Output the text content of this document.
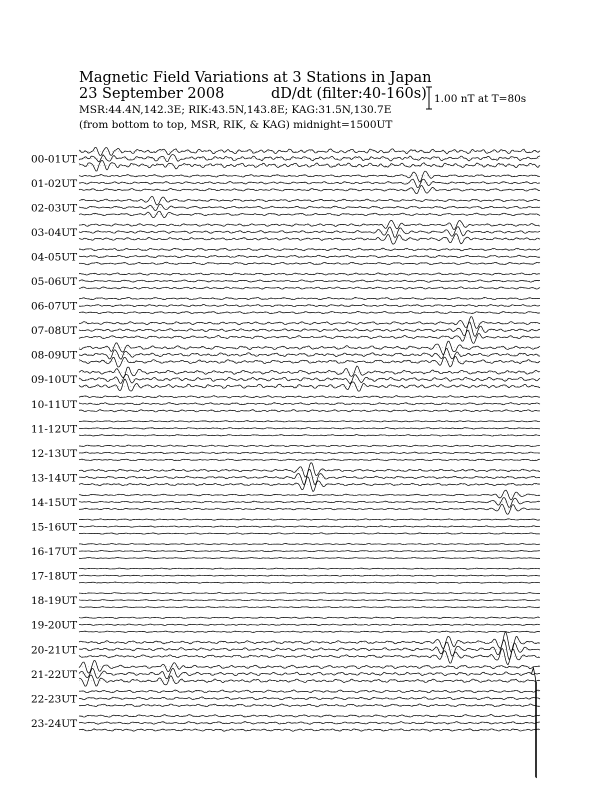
Magnetic Field Variations at 3 Stations in Japan
23 September 2008	dD/dt (filter:40-160s)
MSR:44.4N,142.3E; RIK:43.5N,143.8E; KAG:31.5N,130.7E
(from bottom to top, MSR, RIK, & KAG) midnight=1500UT
1.00 nT at T=80s
00-01UT
01-02UT
02-03UT
03-04UT
04-05UT
05-06UT
06-07UT
07-08UT
08-09UT
09-10UT
10-11UT
11-12UT
12-13UT
13-14UT
14-15UT
15-16UT
16-17UT
17-18UT
18-19UT
19-20UT
20-21UT
21-22UT
22-23UT
23-24UT
